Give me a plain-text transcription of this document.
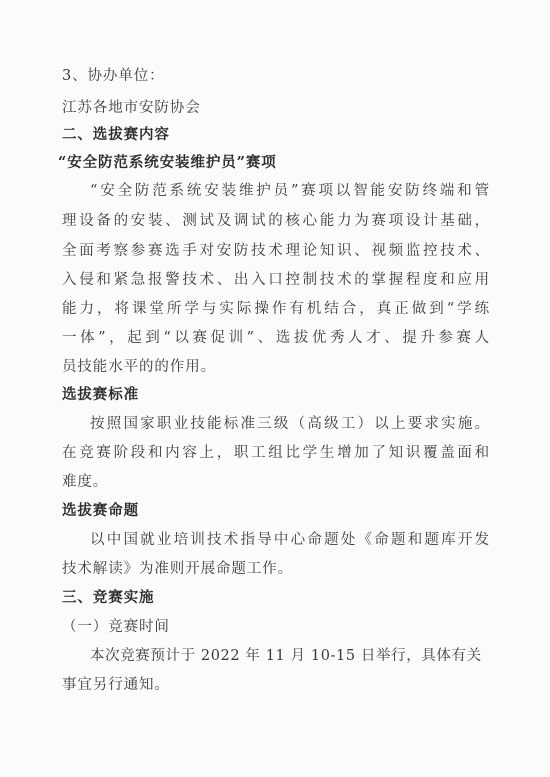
3、协办单位：
江苏各地市安防协会
二、选拔赛内容
“安全防范系统安装维护员”赛项
“安全防范系统安装维护员”赛项以智能安防终端和管
理设备的安装、测试及调试的核心能力为赛项设计基础，
全面考察参赛选手对安防技术理论知识、视频监控技术、
入侵和紧急报警技术、出入口控制技术的掌握程度和应用
能力，将课堂所学与实际操作有机结合，真正做到“学练
一体”，起到“以赛促训”、选拔优秀人才、提升参赛人
员技能水平的的作用。
选拔赛标准
按照国家职业技能标准三级（高级工）以上要求实施。
在竞赛阶段和内容上，职工组比学生增加了知识覆盖面和
难度。
选拔赛命题
以中国就业培训技术指导中心命题处《命题和题库开发
技术解读》为准则开展命题工作。
三、竞赛实施
（一）竞赛时间
本次竞赛预计于 2022 年 11 月 10-15 日举行，具体有关
事宜另行通知。
